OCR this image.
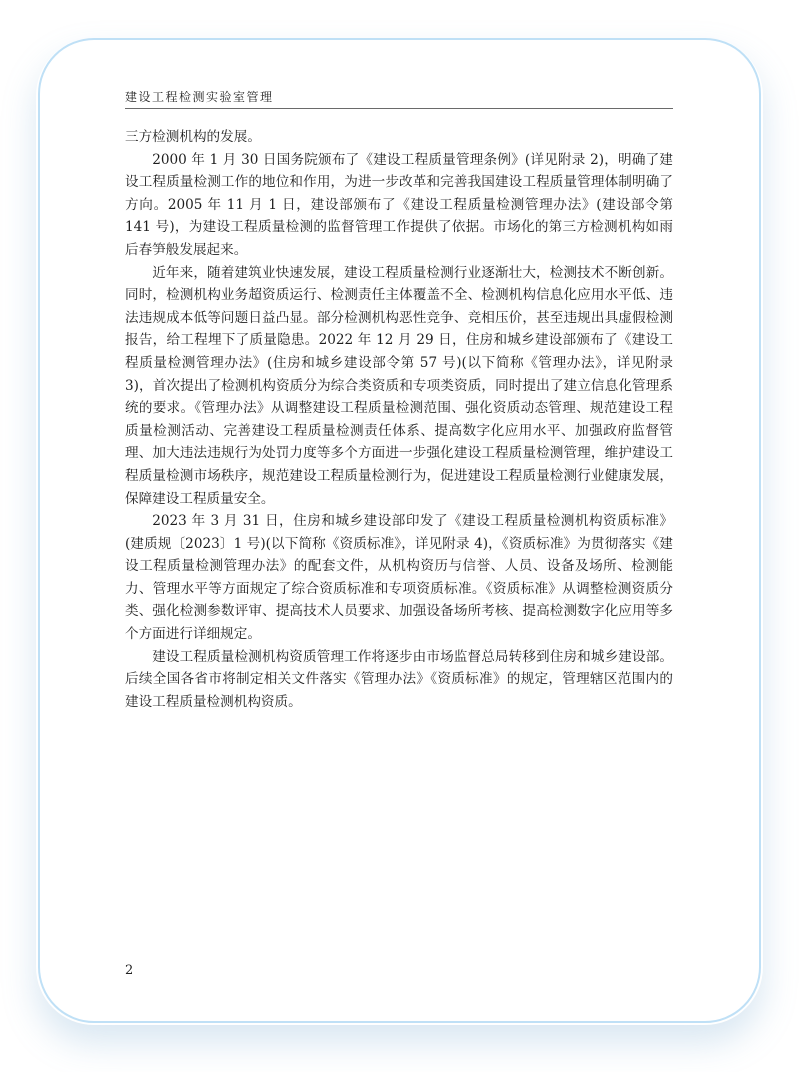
建设工程检测实验室管理

三方检测机构的发展。

2000 年 1 月 30 日国务院颁布了《建设工程质量管理条例》(详见附录 2)，明确了建设工程质量检测工作的地位和作用，为进一步改革和完善我国建设工程质量管理体制明确了方向。2005 年 11 月 1 日，建设部颁布了《建设工程质量检测管理办法》(建设部令第 141 号)，为建设工程质量检测的监督管理工作提供了依据。市场化的第三方检测机构如雨后春笋般发展起来。

近年来，随着建筑业快速发展，建设工程质量检测行业逐渐壮大，检测技术不断创新。同时，检测机构业务超资质运行、检测责任主体覆盖不全、检测机构信息化应用水平低、违法违规成本低等问题日益凸显。部分检测机构恶性竞争、竞相压价，甚至违规出具虚假检测报告，给工程埋下了质量隐患。2022 年 12 月 29 日，住房和城乡建设部颁布了《建设工程质量检测管理办法》(住房和城乡建设部令第 57 号)(以下简称《管理办法》，详见附录 3)，首次提出了检测机构资质分为综合类资质和专项类资质，同时提出了建立信息化管理系统的要求。《管理办法》从调整建设工程质量检测范围、强化资质动态管理、规范建设工程质量检测活动、完善建设工程质量检测责任体系、提高数字化应用水平、加强政府监督管理、加大违法违规行为处罚力度等多个方面进一步强化建设工程质量检测管理，维护建设工程质量检测市场秩序，规范建设工程质量检测行为，促进建设工程质量检测行业健康发展，保障建设工程质量安全。

2023 年 3 月 31 日，住房和城乡建设部印发了《建设工程质量检测机构资质标准》(建质规〔2023〕1 号)(以下简称《资质标准》，详见附录 4)，《资质标准》为贯彻落实《建设工程质量检测管理办法》的配套文件，从机构资历与信誉、人员、设备及场所、检测能力、管理水平等方面规定了综合资质标准和专项资质标准。《资质标准》从调整检测资质分类、强化检测参数评审、提高技术人员要求、加强设备场所考核、提高检测数字化应用等多个方面进行详细规定。

建设工程质量检测机构资质管理工作将逐步由市场监督总局转移到住房和城乡建设部。后续全国各省市将制定相关文件落实《管理办法》《资质标准》的规定，管理辖区范围内的建设工程质量检测机构资质。

2
